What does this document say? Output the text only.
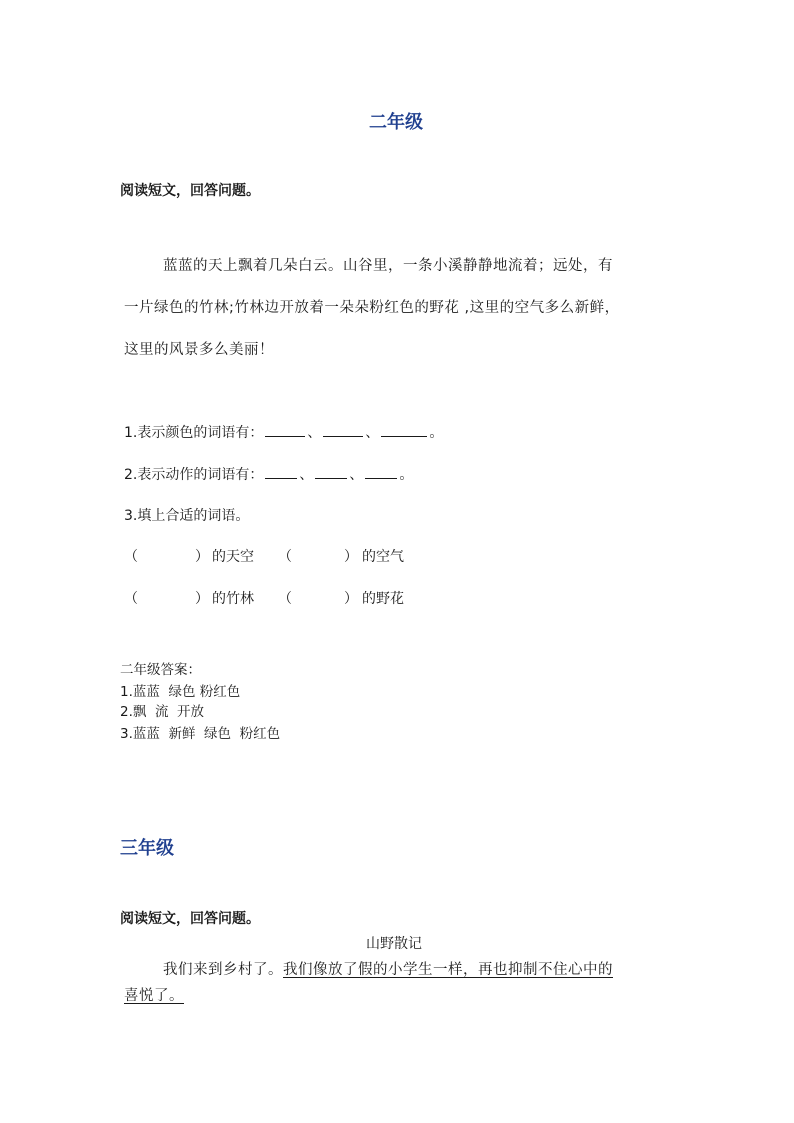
二年级
阅读短文，回答问题。
蓝蓝的天上飘着几朵白云。山谷里，一条小溪静静地流着；远处，有
一片绿色的竹林;竹林边开放着一朵朵粉红色的野花 ,这里的空气多么新鲜，
这里的风景多么美丽！
1.表示颜色的词语有：	、	、	。
2.表示动作的词语有：	、	、	。
3.填上合适的词语。
（	） 的天空 （	） 的空气
（	） 的竹林 （	） 的野花
二年级答案：
1.蓝蓝  绿色 粉红色
2.飘  流  开放
3.蓝蓝  新鲜  绿色  粉红色
三年级
阅读短文，回答问题。
山野散记
我们来到乡村了。我们像放了假的小学生一样，再也抑制不住心中的
喜悦了。
